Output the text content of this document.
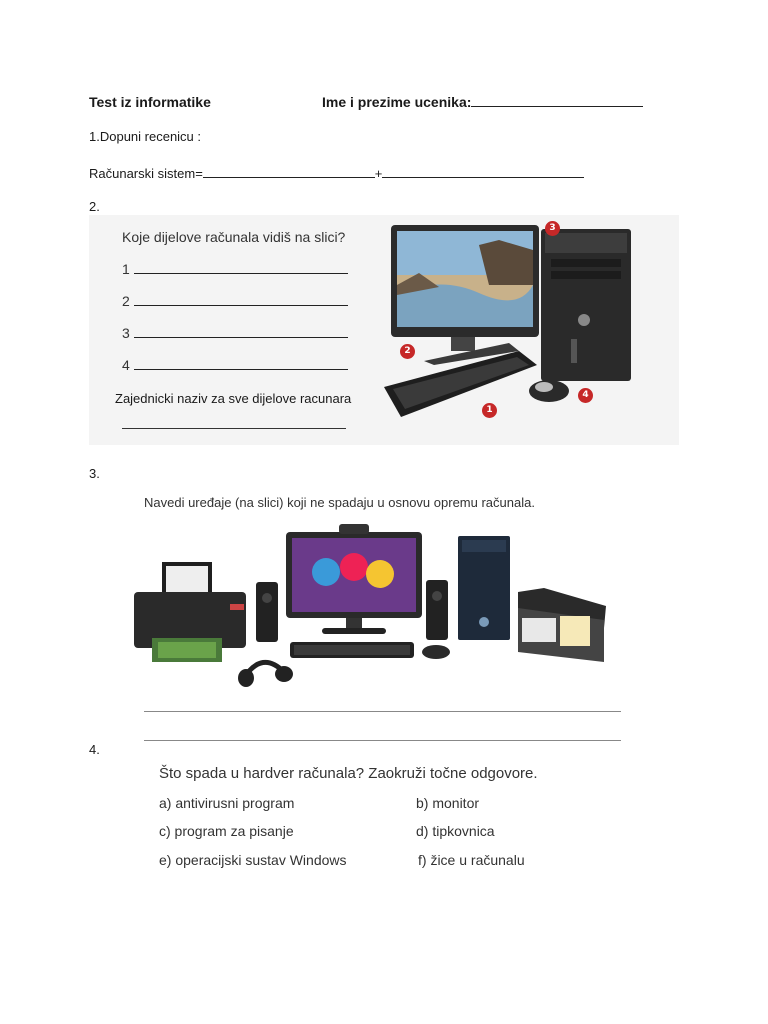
Test iz informatike	Ime i prezime ucenika:
1.Dopuni recenicu :
Računarski sistem=	+
2.
Koje dijelove računala vidiš na slici?
1
2
3
4
Zajednicki naziv za sve dijelove racunara
3
2
4
1
3.
Navedi uređaje (na slici) koji ne spadaju u osnovu opremu računala.
4.
Što spada u hardver računala? Zaokruži točne odgovore.
a) antivirusni program	b) monitor
c) program za pisanje	d) tipkovnica
e) operacijski sustav Windows	f) žice u računalu
